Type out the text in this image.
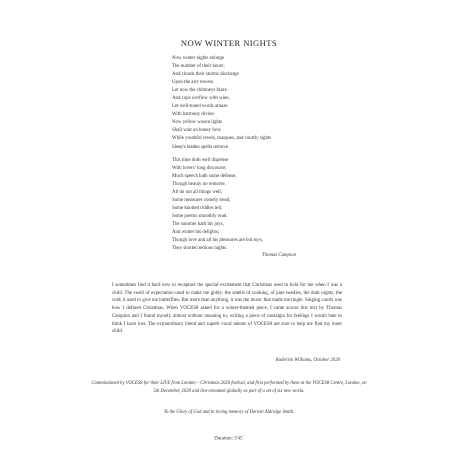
NOW WINTER NIGHTS
Now winter nights enlarge
The number of their hours;
And clouds their storms discharge
Upon the airy towers.
Let now the chimneys blaze
And cups o'erflow with wine,
Let well-tuned words amaze
With harmony divine.
Now yellow waxen lights
Shall wait on honey love
While youthful revels, masques, and courtly sights
Sleep's leaden spells remove.
This time doth well dispense
With lovers' long discourse;
Much speech hath some defense,
Though beauty no remorse.
All do not all things well;
Some measures comely tread,
Some knotted riddles tell,
Some poems smoothly read.
The summer hath his joys,
And winter his delights;
Though love and all his pleasures are but toys,
They shorten tedious nights.
Thomas Campion
I sometimes find it hard now to recapture the special excitement that Christmas used to hold for me when I was a child. The swell of expectation used to make me giddy; the smells of cooking, of pine needles, the dark nights, the cold, it used to give me butterflies. But more than anything, it was the music that made me tingle. Singing carols was how I defined Christmas. When VOCES8 asked for a winter-themed piece, I came across this text by Thomas Campion and I found myself, almost without meaning to, writing a piece of nostalgia for feelings I would hate to think I have lost. The extraordinary blend and superb vocal talents of VOCES8 are sure to help me find my inner child.
Roderick Williams, October 2020
Commissioned by VOCES8 for their LIVE from London – Christmas 2020 festival, and first performed by them at the VOCES8 Centre, London, on 5th December, 2020 and live-streamed globally as part of a set of six new works.
To the Glory of God and in loving memory of Derwin Aldridge Smith.
Duration: 3'45"
